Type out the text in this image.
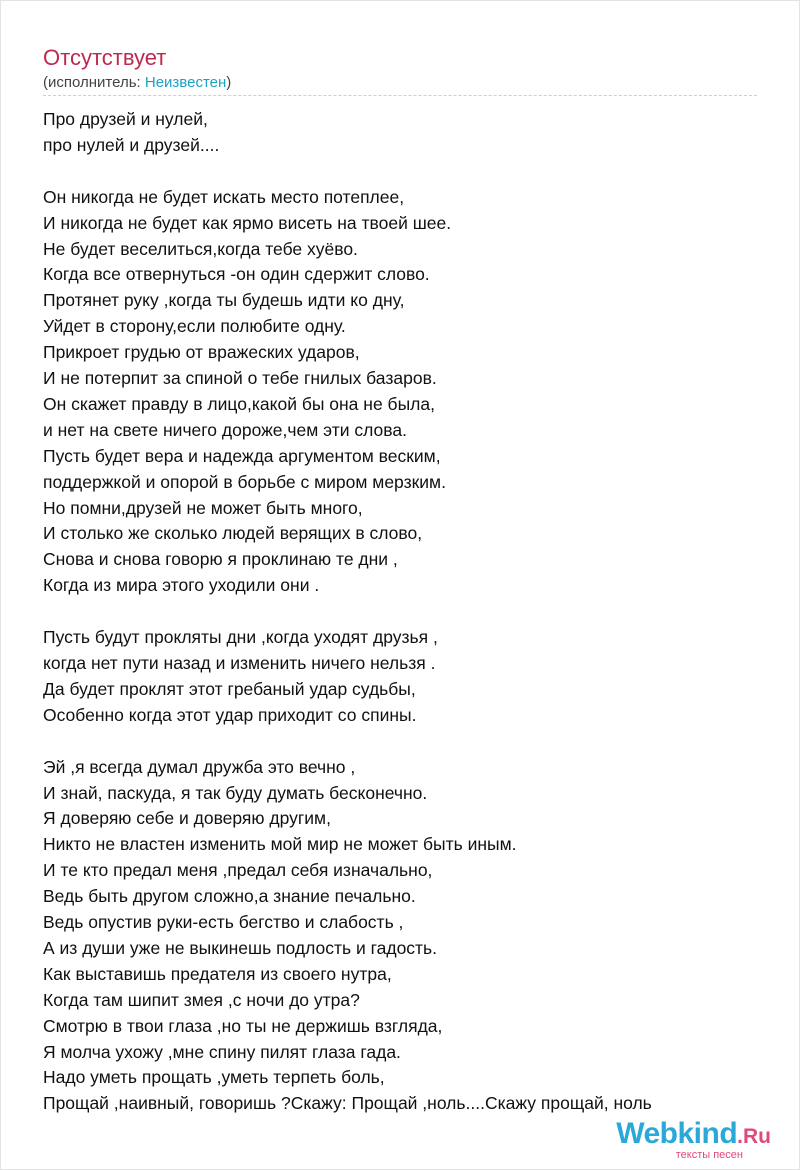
Отсутствует
(исполнитель: Неизвестен)
Про друзей и нулей,
про нулей и друзей....
Он никогда не будет искать место потеплее,
И никогда не будет как ярмо висеть на твоей шее.
Не будет веселиться,когда тебе хуёво.
Когда все отвернуться -он один сдержит слово.
Протянет руку ,когда ты будешь идти ко дну,
Уйдет в сторону,если полюбите одну.
Прикроет грудью от вражеских ударов,
И не потерпит за спиной о тебе гнилых базаров.
Он скажет правду в лицо,какой бы она не была,
и нет на свете ничего дороже,чем эти слова.
Пусть будет вера и надежда аргументом веским,
поддержкой и опорой в борьбе с миром мерзким.
Но помни,друзей не может быть много,
И столько же сколько людей верящих в слово,
Снова и снова говорю я проклинаю те дни ,
Когда из мира этого уходили они .
Пусть будут прокляты дни ,когда уходят друзья ,
когда нет пути назад и изменить ничего нельзя .
Да будет проклят этот гребаный удар судьбы,
Особенно когда этот удар приходит со спины.
Эй ,я всегда думал дружба это вечно ,
И знай, паскуда, я так буду думать бесконечно.
Я доверяю себе и доверяю другим,
Никто не властен изменить мой мир не может быть иным.
И те кто предал меня ,предал себя изначально,
Ведь быть другом сложно,а знание печально.
Ведь опустив руки-есть бегство и слабость ,
А из души уже не выкинешь подлость и гадость.
Как выставишь предателя из своего нутра,
Когда там шипит змея ,с ночи до утра?
Смотрю в твои глаза ,но ты не держишь взгляда,
Я молча ухожу ,мне спину пилят глаза гада.
Надо уметь прощать ,уметь терпеть боль,
Прощай ,наивный, говоришь ?Скажу: Прощай ,ноль....Скажу прощай, ноль
Webkind.Ru
тексты песен
